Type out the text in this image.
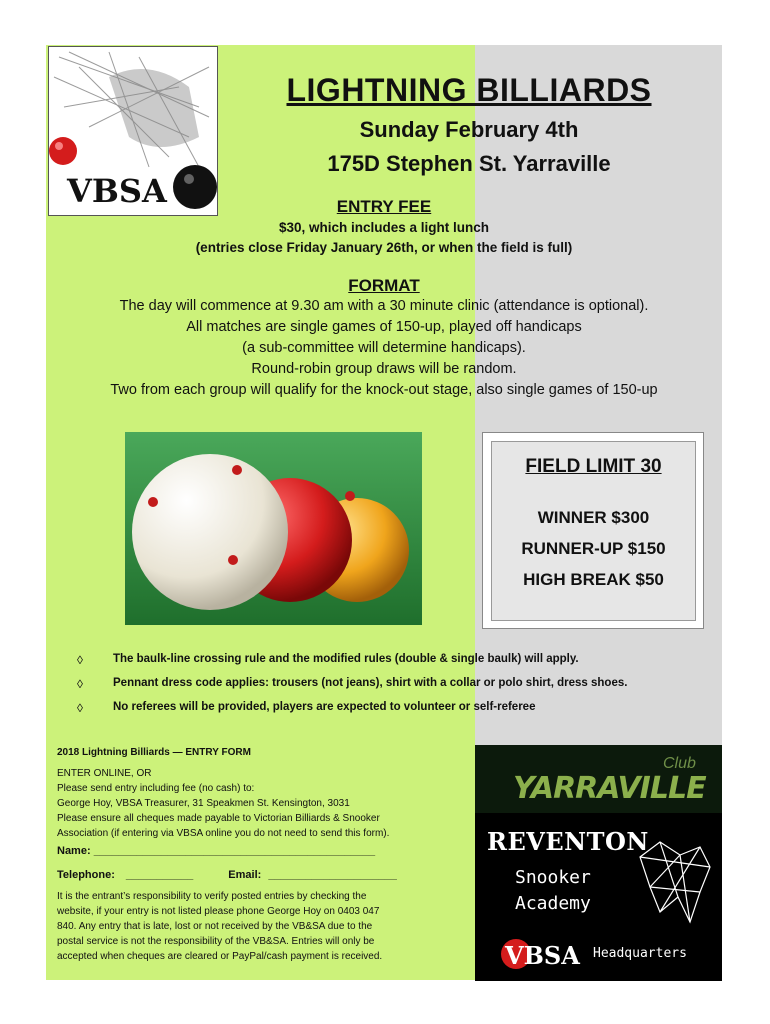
VBSA
LIGHTNING BILLIARDS
Sunday February 4th
175D Stephen St. Yarraville
ENTRY FEE
$30, which includes a light lunch
(entries close Friday January 26th, or when the field is full)
FORMAT
The day will commence at 9.30 am with a 30 minute clinic (attendance is optional).
All matches are single games of 150-up, played off handicaps
(a sub-committee will determine handicaps).
Round-robin group draws will be random.
Two from each group will qualify for the knock-out stage, also single games of 150-up
FIELD LIMIT 30
WINNER $300
RUNNER-UP $150
HIGH BREAK $50
◊	The baulk-line crossing rule and the modified rules (double & single baulk) will apply.
◊	Pennant dress code applies: trousers (not jeans), shirt with a collar or polo shirt, dress shoes.
◊	No referees will be provided, players are expected to volunteer or self-referee
2018 Lightning Billiards — ENTRY FORM
ENTER ONLINE, OR
Please send entry including fee (no cash) to:
George Hoy, VBSA Treasurer, 31 Speakmen St. Kensington, 3031
Please ensure all cheques made payable to Victorian Billiards & Snooker
Association (if entering via VBSA online you do not need to send this form).
Name: ______________________________________________
Telephone: ___________	Email: _____________________
It is the entrant’s responsibility to verify posted entries by checking the
website, if your entry is not listed please phone George Hoy on 0403 047
840. Any entry that is late, lost or not received by the VB&SA due to the
postal service is not the responsibility of the VB&SA. Entries will only be
accepted when cheques are cleared or PayPal/cash payment is received.
Club
YARRAVILLE
REVENTON
Snooker
Academy
VBSA Headquarters
